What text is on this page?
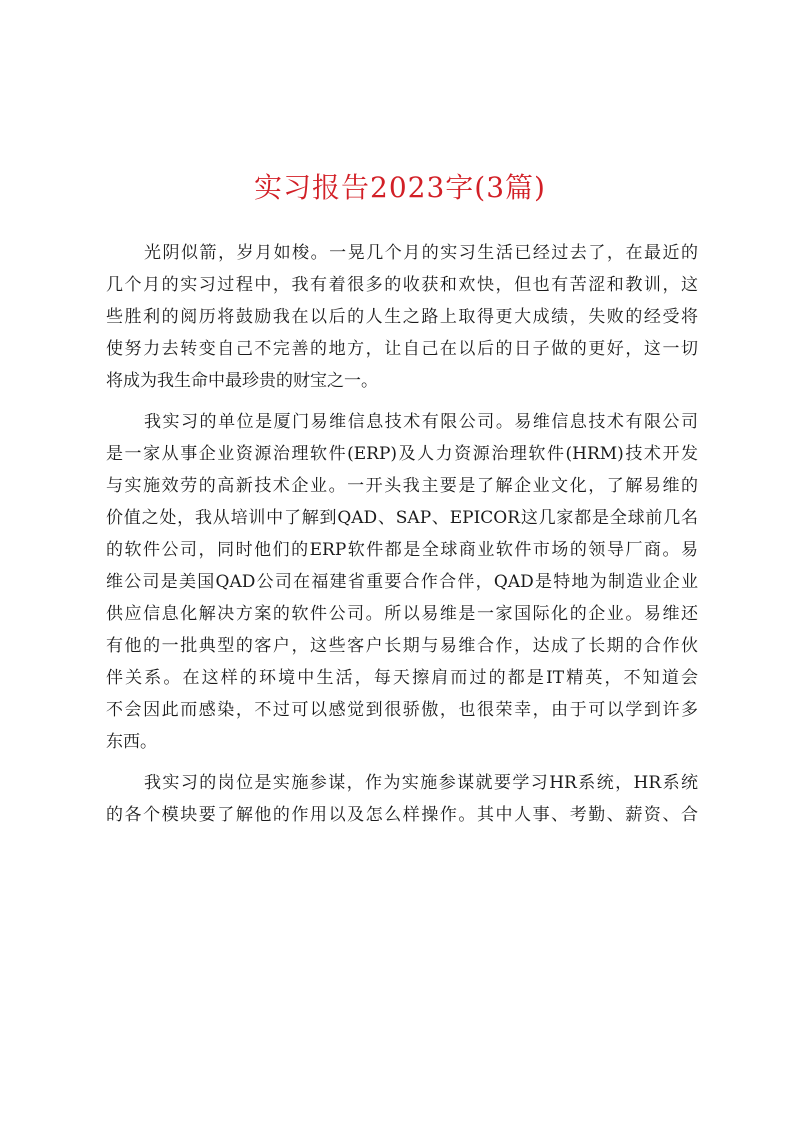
实习报告2023字(3篇)
光阴似箭，岁月如梭。一晃几个月的实习生活已经过去了，在最近的
几个月的实习过程中，我有着很多的收获和欢快，但也有苦涩和教训，这
些胜利的阅历将鼓励我在以后的人生之路上取得更大成绩，失败的经受将
使努力去转变自己不完善的地方，让自己在以后的日子做的更好，这一切
将成为我生命中最珍贵的财宝之一。
我实习的单位是厦门易维信息技术有限公司。易维信息技术有限公司
是一家从事企业资源治理软件(ERP)及人力资源治理软件(HRM)技术开发
与实施效劳的高新技术企业。一开头我主要是了解企业文化，了解易维的
价值之处，我从培训中了解到QAD、SAP、EPICOR这几家都是全球前几名
的软件公司，同时他们的ERP软件都是全球商业软件市场的领导厂商。易
维公司是美国QAD公司在福建省重要合作合伴，QAD是特地为制造业企业
供应信息化解决方案的软件公司。所以易维是一家国际化的企业。易维还
有他的一批典型的客户，这些客户长期与易维合作，达成了长期的合作伙
伴关系。在这样的环境中生活，每天擦肩而过的都是IT精英，不知道会
不会因此而感染，不过可以感觉到很骄傲，也很荣幸，由于可以学到许多
东西。
我实习的岗位是实施参谋，作为实施参谋就要学习HR系统，HR系统
的各个模块要了解他的作用以及怎么样操作。其中人事、考勤、薪资、合
